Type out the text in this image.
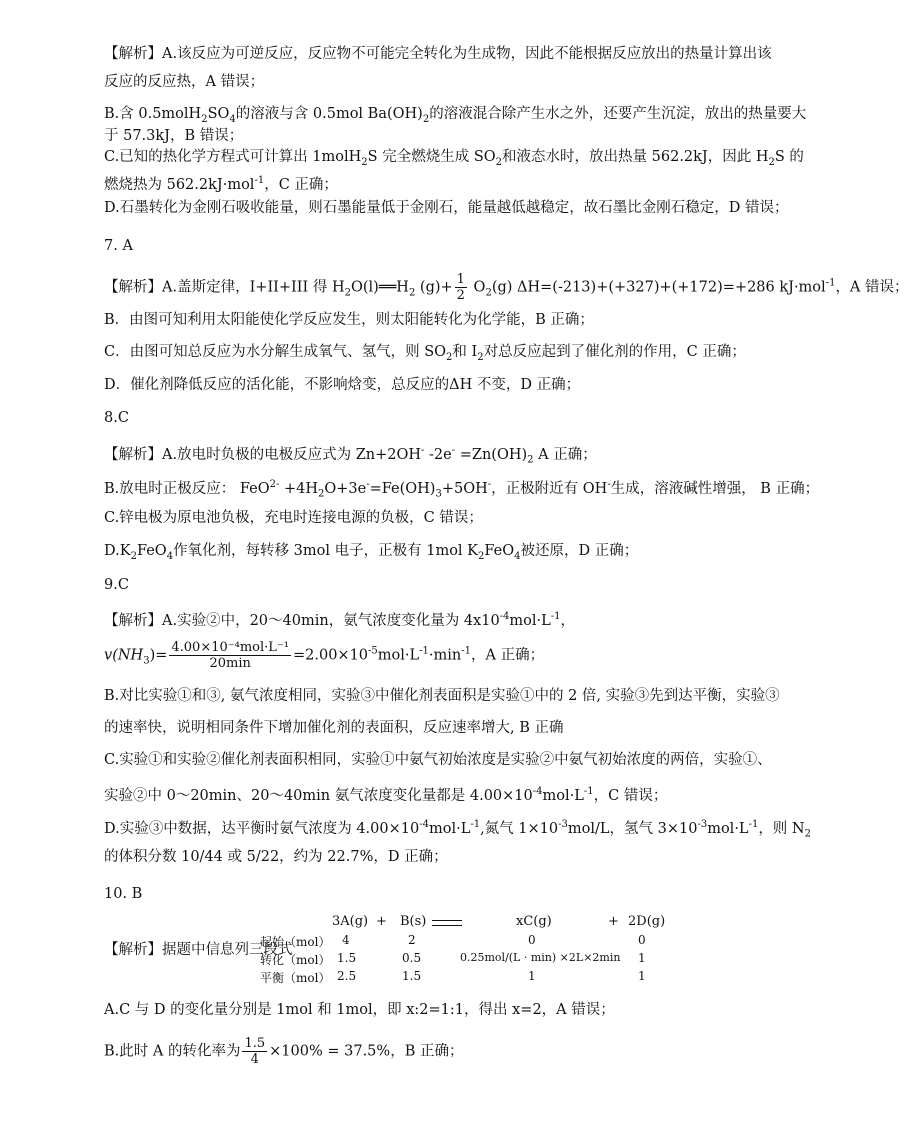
【解析】A.该反应为可逆反应，反应物不可能完全转化为生成物，因此不能根据反应放出的热量计算出该
反应的反应热，A 错误；
B.含 $0.5molH_2SO_4$的溶液与含 0.5mol $Ba(OH)_2$的溶液混合除产生水之外，还要产生沉淀，放出的热量要大
于 57.3kJ，B 错误；
C.已知的热化学方程式可计算出 1molH$_2$S 完全燃烧生成 $SO_2$和液态水时，放出热量 562.2kJ，因此 $H_2S$ 的
燃烧热为 562.2kJ·mol$^{-1}$，C 正确；
D.石墨转化为金刚石吸收能量，则石墨能量低于金刚石，能量越低越稳定，故石墨比金刚石稳定，D 错误；
7. A
【解析】A.盖斯定律，I+II+III 得 $H_2O(l)══H_2$ $(g)+ \frac{1}{2} O_2(g)$ ΔH=(-213)+(+327)+(+172)=+286 kJ·mol$^{-1}$，A 错误；
B．由图可知利用太阳能使化学反应发生，则太阳能转化为化学能，B 正确；
C．由图可知总反应为水分解生成氧气、氢气，则 $SO_2$和 $I_2$对总反应起到了催化剂的作用，C 正确；
D．催化剂降低反应的活化能，不影响焓变，总反应的ΔH 不变，D 正确；
8.C
【解析】A.放电时负极的电极反应式为 Zn+2OH- $-2e^- =Zn(OH)_2$ A 正确；
B.放电时正极反应： $FeO^{2-} +4H_2O+3e^-=Fe(OH)_3+5OH^-$，正极附近有 OH-生成，溶液碱性增强， B 正确；
C.锌电极为原电池负极，充电时连接电源的负极，C 错误；
$D.K_2FeO_4$作氧化剂，每转移 3mol 电子，正极有 1mol $K_2FeO_4$被还原，D 正确；
9.C
【解析】A.实验②中，20～40min，氨气浓度变化量为 $4x10^{-4}mol\cdot L^{-1}$，
$v(NH_3)= \frac{\text{4.00×10⁻⁴mol·L⁻¹}}{20\min} =2.00\times 10^{-5}mol\cdot L^{-1}\cdot\min^{-1}$，A 正确；
B.对比实验①和③, 氨气浓度相同，实验③中催化剂表面积是实验①中的 2 倍, 实验③先到达平衡，实验③
的速率快，说明相同条件下增加催化剂的表面积，反应速率增大, B 正确
C.实验①和实验②催化剂表面积相同，实验①中氨气初始浓度是实验②中氨气初始浓度的两倍，实验①、
实验②中 0～20min、20～40min 氨气浓度变化量都是 $4.00\times 10^{-4}mol\cdot L^{-1}$，C 错误；
D.实验③中数据，达平衡时氨气浓度为 $4.00\times 10^{-4}mol\cdot L^{-1}$,氮气 $1\times 10^{-3}mol/L$，氢气 $3\times 10^{-3}mol\cdot L^{-1}$，则 $N_2$
的体积分数 10/44 或 5/22，约为 22.7%，D 正确；
10. B
【解析】据题中信息列三段式
3A(g) + B(s)	xC(g)	+ 2D(g)
起始（mol）
转化（mol）
平衡（mol）
4
1.5
2.5
2
0.5
1.5
0
0.25mol/(L · min) ×2L×2min
1
0
1
1
A.C 与 D 的变化量分别是 1mol 和 1mol，即 x:2=1:1，得出 x=2，A 错误；
B.此时 A 的转化率为 $\frac{1.5}{4} \times 100\% = 37.5\%$，B 正确；
